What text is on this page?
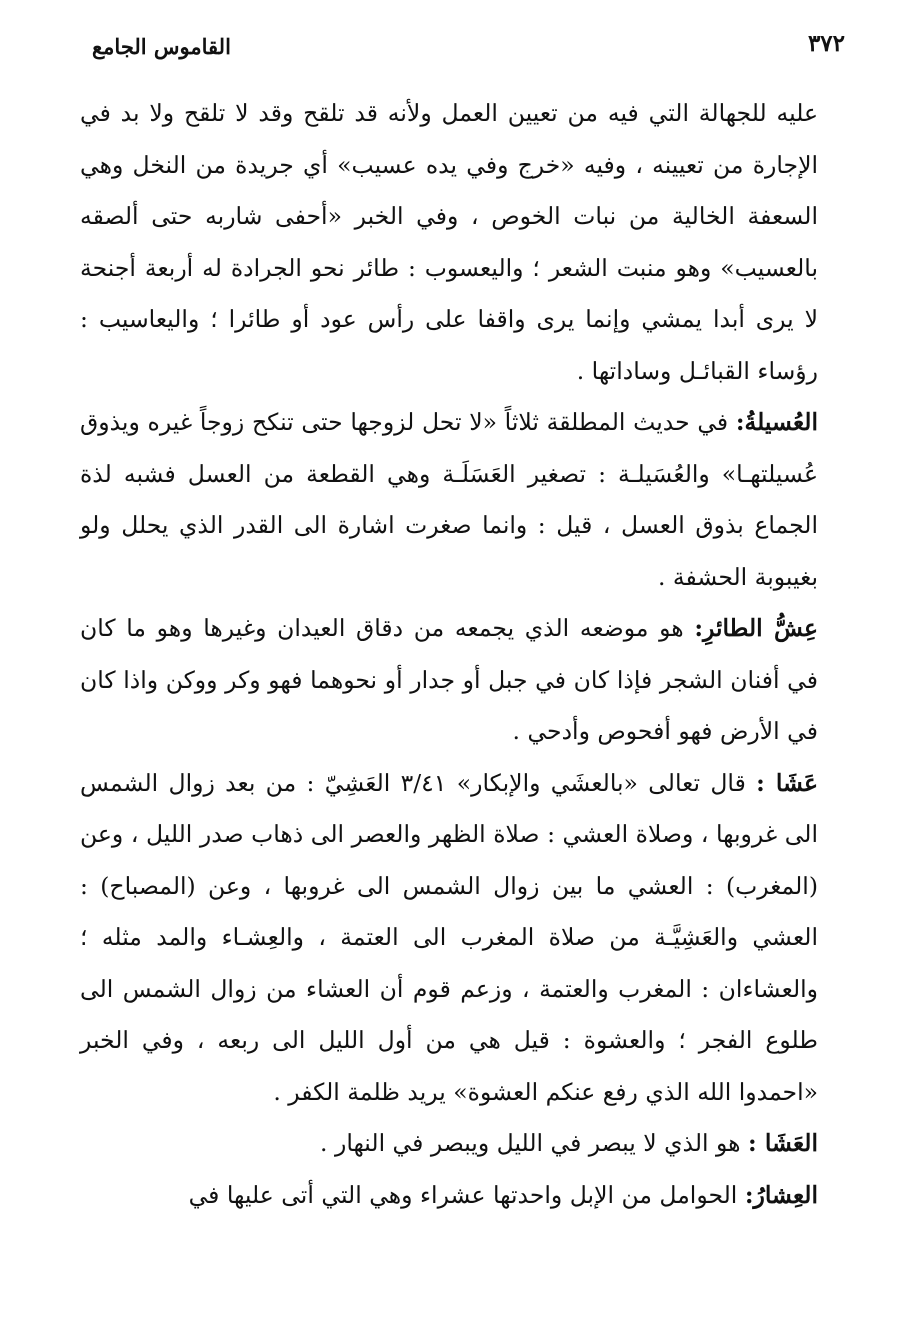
٣٧٢
القاموس الجامع

عليه للجهالة التي فيه من تعيين العمل ولأنه قد تلقح وقد لا تلقح ولا بد في الإجارة من تعيينه ، وفيه «خرج وفي يده عسيب» أي جريدة من النخل وهي السعفة الخالية من نبات الخوص ، وفي الخبر «أحفى شاربه حتى ألصقه بالعسيب» وهو منبت الشعر ؛ واليعسوب : طائر نحو الجرادة له أربعة أجنحة لا يرى أبدا يمشي وإنما يرى واقفا على رأس عود أو طائرا ؛ واليعاسيب : رؤساء القبائـل وساداتها .

العُسيلةُ: في حديث المطلقة ثلاثاً «لا تحل لزوجها حتى تنكح زوجاً غيره ويذوق عُسيلتهـا» والعُسَيلـة : تصغير العَسَلَـة وهي القطعة من العسل فشبه لذة الجماع بذوق العسل ، قيل : وانما صغرت اشارة الى القدر الذي يحلل ولو بغيبوبة الحشفة .

عِشُّ الطائرِ: هو موضعه الذي يجمعه من دقاق العيدان وغيرها وهو ما كان في أفنان الشجر فإذا كان في جبل أو جدار أو نحوهما فهو وكر ووكن واذا كان في الأرض فهو أفحوص وأدحي .

عَشَا : قال تعالى «بالعشَي والإبكار» ٣/٤١ العَشِيّ : من بعد زوال الشمس الى غروبها ، وصلاة العشي : صلاة الظهر والعصر الى ذهاب صدر الليل ، وعن (المغرب) : العشي ما بين زوال الشمس الى غروبها ، وعن (المصباح) : العشي والعَشِيَّـة من صلاة المغرب الى العتمة ، والعِشـاء والمد مثله ؛ والعشاءان : المغرب والعتمة ، وزعم قوم أن العشاء من زوال الشمس الى طلوع الفجر ؛ والعشوة : قيل هي من أول الليل الى ربعه ، وفي الخبر «احمدوا الله الذي رفع عنكم العشوة» يريد ظلمة الكفر .

العَشَا : هو الذي لا يبصر في الليل ويبصر في النهار .

العِشارُ: الحوامل من الإبل واحدتها عشراء وهي التي أتى عليها في
